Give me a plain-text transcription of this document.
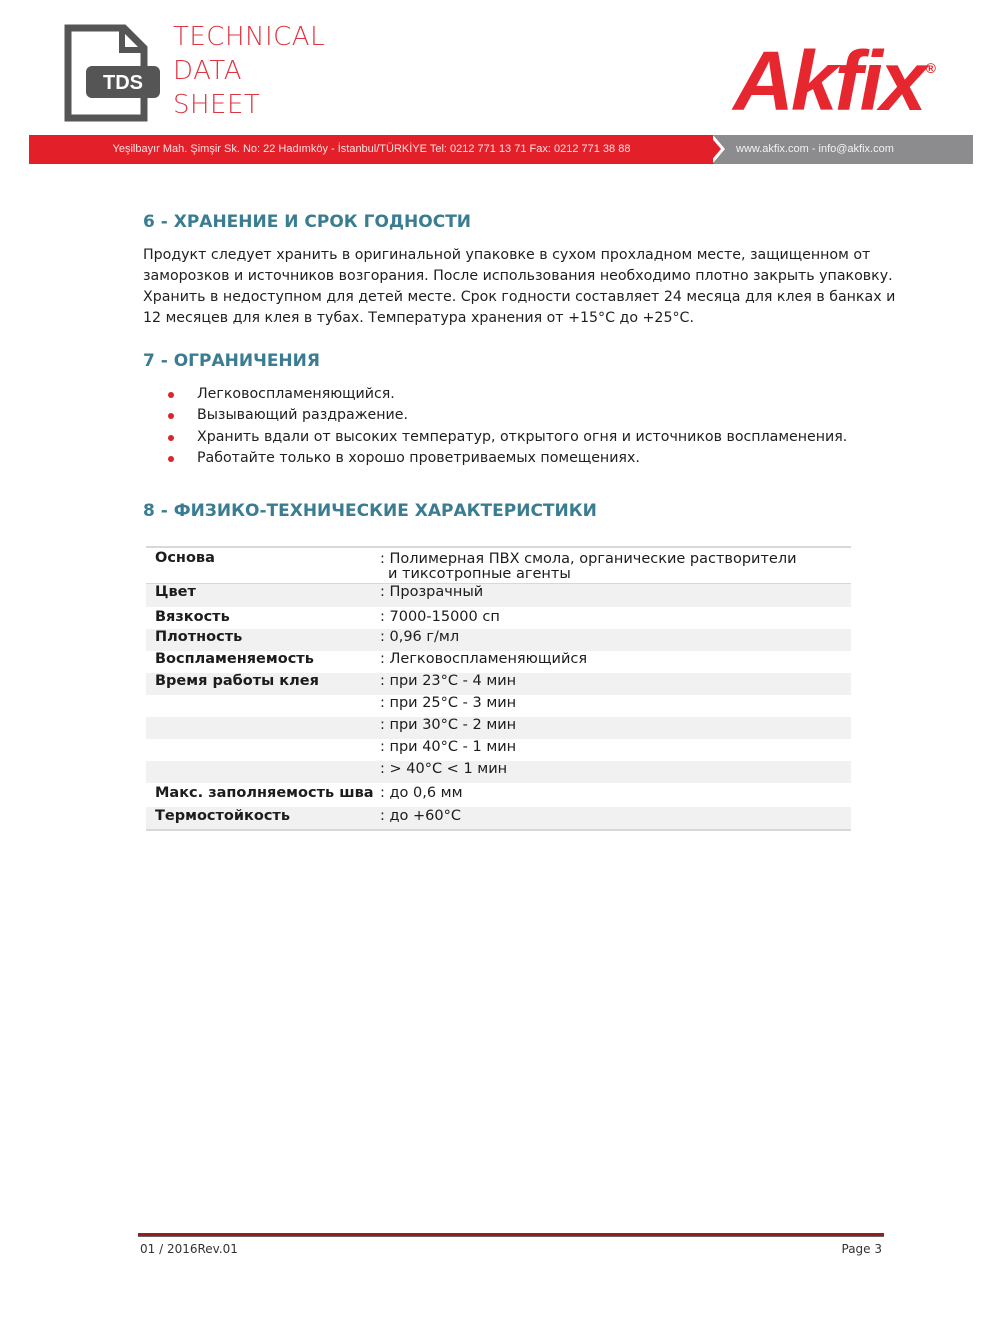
TDS
TECHNICAL
DATA
SHEET	Akfix ®
Yeşilbayır Mah. Şimşir Sk. No: 22 Hadımköy - İstanbul/TÜRKİYE Tel: 0212 771 13 71 Fax: 0212 771 38 88	www.akfix.com - info@akfix.com
6 - ХРАНЕНИЕ И СРОК ГОДНОСТИ
Продукт следует хранить в оригинальной упаковке в сухом прохладном месте, защищенном от
заморозков и источников возгорания. После использования необходимо плотно закрыть упаковку.
Хранить в недоступном для детей месте. Срок годности составляет 24 месяца для клея в банках и
12 месяцев для клея в тубах. Температура хранения от +15°C до +25°C.
7 - ОГРАНИЧЕНИЯ
Легковоспламеняющийся.
Вызывающий раздражение.
Хранить вдали от высоких температур, открытого огня и источников воспламенения.
Работайте только в хорошо проветриваемых помещениях.
8 - ФИЗИКО-ТЕХНИЧЕСКИЕ ХАРАКТЕРИСТИКИ
Основа	: Полимерная ПВХ смола, органические растворители
и тиксотропные агенты

Цвет	: Прозрачный
Вязкость	: 7000-15000 сп
Плотность	: 0,96 г/мл
Воспламеняемость	: Легковоспламеняющийся
Время работы клея	: при 23°C - 4 мин
	: при 25°C - 3 мин
	: при 30°C - 2 мин
	: при 40°C - 1 мин
	: > 40°C < 1 мин
Макс. заполняемость шва	: до 0,6 мм
Термостойкость	: до +60°C
01 / 2016Rev.01	Page 3
